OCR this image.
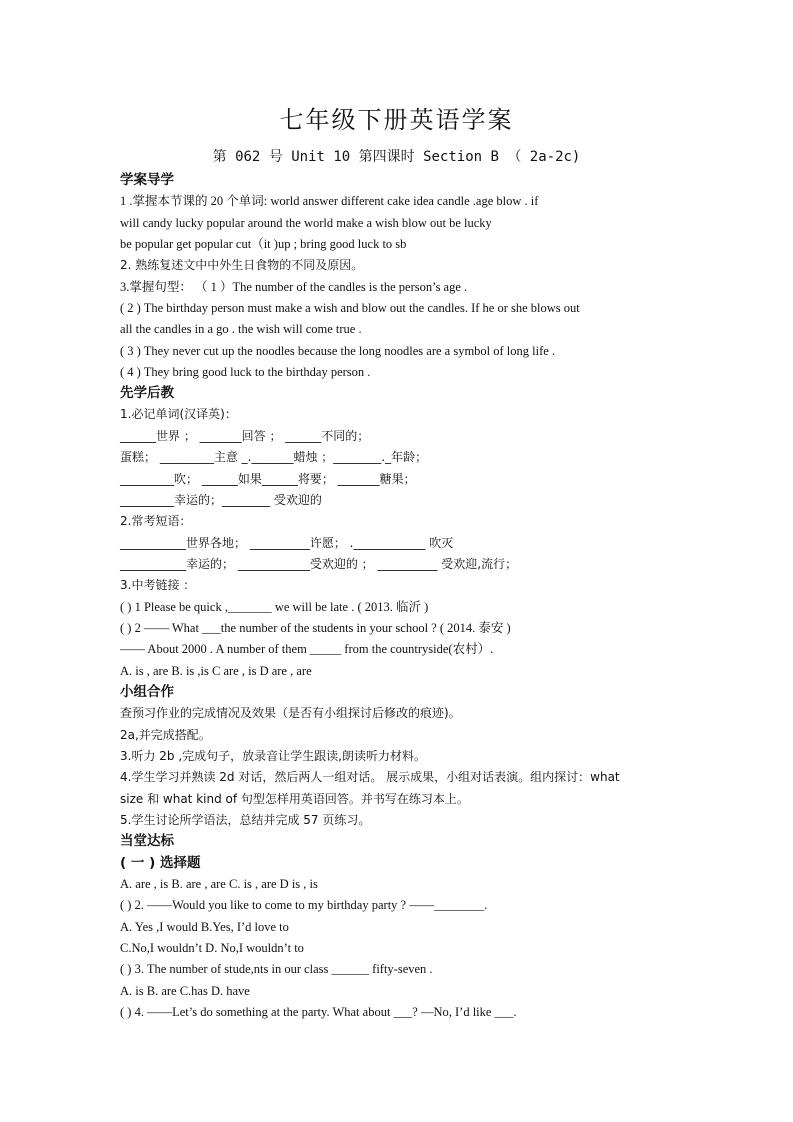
七年级下册英语学案
第 062 号 Unit 10 第四课时 Section B （ 2a-2c)
学案导学
1 .掌握本节课的 20 个单词: world answer different cake idea candle .age blow . if
will candy lucky popular around the world make a wish blow out be lucky
be popular get popular cut（it )up ; bring good luck to sb
2. 熟练复述文中中外生日食物的不同及原因。
3.掌握句型： （ 1 ）The number of the candles is the person’s age .
( 2 ) The birthday person must make a wish and blow out the candles. If he or she blows out
all the candles in a go . the wish will come true .
( 3 ) They never cut up the noodles because the long noodles are a symbol of long life .
( 4 ) They bring good luck to the birthday person .
先学后教
1.必记单词(汉译英)：
______世界 ； _______回答 ； ______不同的；
蛋糕； _________主意 _._______蜡烛 ；________._年龄；
_________吹； ______如果______将要； _______糖果；
_________幸运的；________ 受欢迎的
2.常考短语：
___________世界各地； __________许愿； .____________ 吹灭
___________幸运的； ____________受欢迎的 ； __________ 受欢迎,流行；
3.中考链接 ：
( ) 1 Please be quick ,_______ we will be late . ( 2013. 临沂 )
( ) 2 —— What ___the number of the students in your school ? ( 2014. 泰安 )
—— About 2000 . A number of them _____ from the countryside(农村）.
A. is , are B. is ,is C are , is D are , are
小组合作
查预习作业的完成情况及效果（是否有小组探讨后修改的痕迹)。
2a,并完成搭配。
3.听力 2b ,完成句子，放录音让学生跟读,朗读听力材料。
4.学生学习并熟读 2d 对话，然后两人一组对话。 展示成果，小组对话表演。组内探讨：what
size 和 what kind of 句型怎样用英语回答。并书写在练习本上。
5.学生讨论所学语法，总结并完成 57 页练习。
当堂达标
( 一 ) 选择题
A. are , is B. are , are C. is , are D is , is
( ) 2. ——Would you like to come to my birthday party ? ——________.
A. Yes ,I would B.Yes, I’d love to
C.No,I wouldn’t D. No,I wouldn’t to
( ) 3. The number of stude,nts in our class ______ fifty-seven .
A. is B. are C.has D. have
( ) 4. ——Let’s do something at the party. What about ___? —No, I’d like ___.
